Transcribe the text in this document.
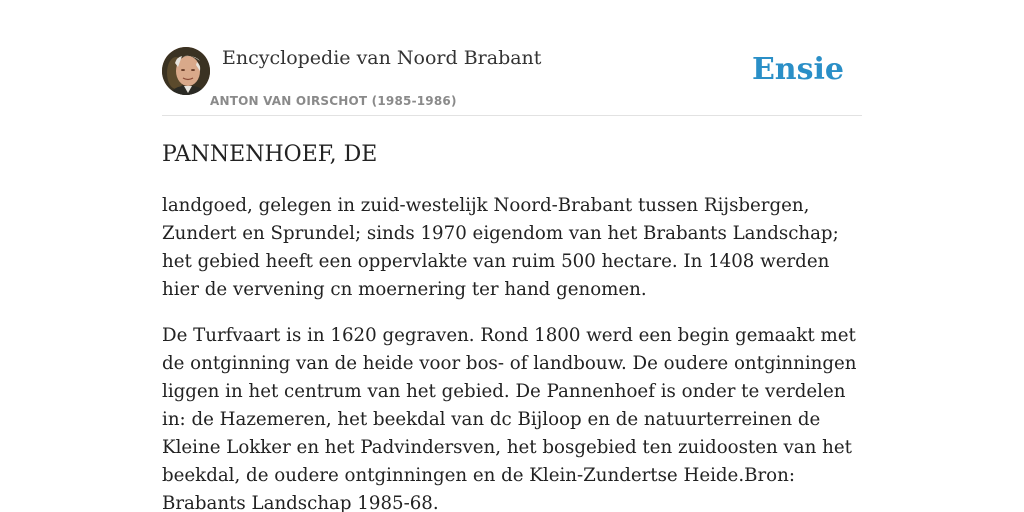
Encyclopedie van Noord Brabant
ANTON VAN OIRSCHOT (1985-1986)
Ensie
PANNENHOEF, DE

landgoed, gelegen in zuid-westelijk Noord-Brabant tussen Rijsbergen, Zundert en Sprundel; sinds 1970 eigendom van het Brabants Landschap; het gebied heeft een oppervlakte van ruim 500 hectare. In 1408 werden hier de vervening cn moernering ter hand genomen.

De Turfvaart is in 1620 gegraven. Rond 1800 werd een begin gemaakt met de ontginning van de heide voor bos- of landbouw. De oudere ontginningen liggen in het centrum van het gebied. De Pannenhoef is onder te verdelen in: de Hazemeren, het beekdal van dc Bijloop en de natuurterreinen de Kleine Lokker en het Padvindersven, het bosgebied ten zuidoosten van het beekdal, de oudere ontginningen en de Klein-Zundertse Heide.Bron: Brabants Landschap 1985-68.
